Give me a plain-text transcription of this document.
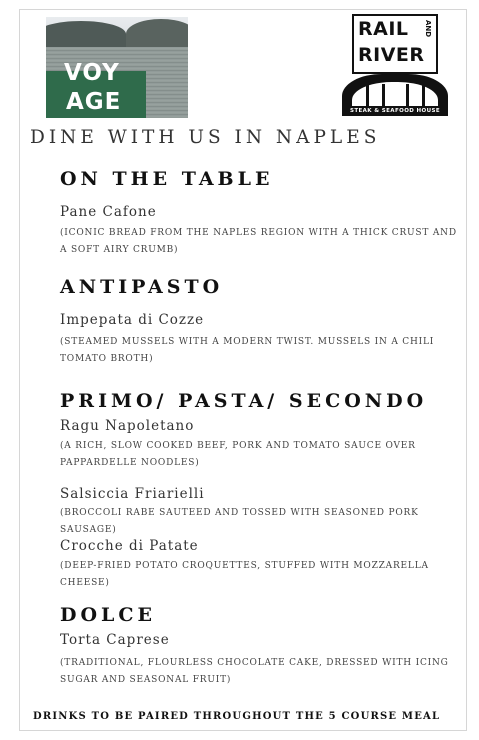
VOY
AGE
RAIL
RIVER
AND
STEAK & SEAFOOD HOUSE
DINE WITH US IN NAPLES
ON THE TABLE
Pane Cafone
(ICONIC BREAD FROM THE NAPLES REGION WITH A THICK CRUST AND A SOFT AIRY CRUMB)
ANTIPASTO
Impepata di Cozze
(STEAMED MUSSELS WITH A MODERN TWIST. MUSSELS IN A CHILI TOMATO BROTH)
PRIMO/ PASTA/ SECONDO
Ragu Napoletano
(A RICH, SLOW COOKED BEEF, PORK AND TOMATO SAUCE OVER PAPPARDELLE NOODLES)
Salsiccia Friarielli
(BROCCOLI RABE SAUTEED AND TOSSED WITH SEASONED PORK SAUSAGE)
Crocche di Patate
(DEEP-FRIED POTATO CROQUETTES, STUFFED WITH MOZZARELLA CHEESE)
DOLCE
Torta Caprese
(TRADITIONAL, FLOURLESS CHOCOLATE CAKE, DRESSED WITH ICING SUGAR AND SEASONAL FRUIT)
DRINKS TO BE PAIRED THROUGHOUT THE 5 COURSE MEAL
